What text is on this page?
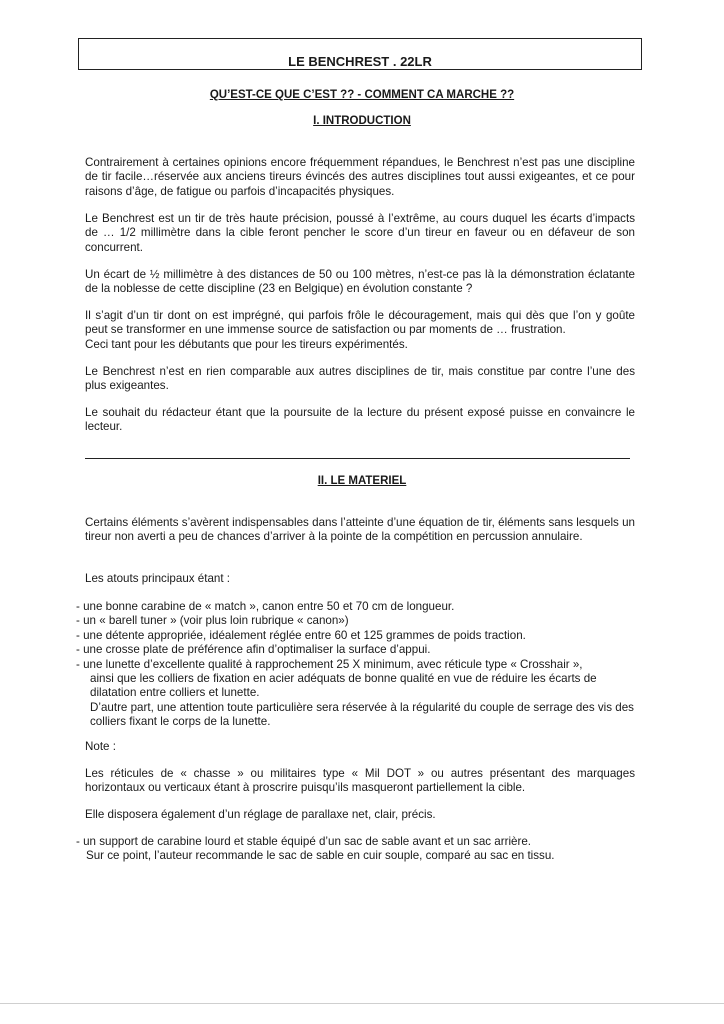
LE BENCHREST . 22LR
QU’EST-CE QUE C’EST ?? - COMMENT CA MARCHE ??
I. INTRODUCTION

Contrairement à certaines opinions encore fréquemment répandues, le Benchrest n’est pas une discipline de tir facile…réservée aux anciens tireurs évincés des autres disciplines tout aussi exigeantes, et ce pour raisons d’âge, de fatigue ou parfois d’incapacités physiques.

Le Benchrest est un tir de très haute précision, poussé à l’extrême, au cours duquel les écarts d’impacts de … 1/2 millimètre dans la cible feront pencher le score d’un tireur en faveur ou en défaveur de son concurrent.

Un écart de ½ millimètre à des distances de 50 ou 100 mètres, n’est-ce pas là la démonstration éclatante de la noblesse de cette discipline (23 en Belgique) en évolution constante ?

Il s’agit d’un tir dont on est imprégné, qui parfois frôle le découragement, mais qui dès que l’on y goûte peut se transformer en une immense source de satisfaction ou par moments de … frustration.

Ceci tant pour les débutants que pour les tireurs expérimentés.

Le Benchrest n’est en rien comparable aux autres disciplines de tir, mais constitue par contre l’une des plus exigeantes.

Le souhait du rédacteur étant que la poursuite de la lecture du présent exposé puisse en convaincre le lecteur.

II. LE MATERIEL

Certains éléments s’avèrent indispensables dans l’atteinte d’une équation de tir, éléments sans lesquels un tireur non averti a peu de chances d’arriver à la pointe de la compétition en percussion annulaire.

Les atouts principaux étant :

- une bonne carabine de « match », canon entre 50 et 70 cm de longueur.
- un « barell tuner » (voir plus loin rubrique « canon»)
- une détente appropriée, idéalement réglée entre 60 et 125 grammes de poids traction.
- une crosse plate de préférence afin d’optimaliser la surface d’appui.
- une lunette d’excellente qualité à rapprochement 25 X minimum, avec réticule type « Crosshair »,
ainsi que les colliers de fixation en acier adéquats de bonne qualité en vue de réduire les écarts de dilatation entre colliers et lunette.
D’autre part, une attention toute particulière sera réservée à la régularité du couple de serrage des vis des colliers fixant le corps de la lunette.

Note :

Les réticules de « chasse » ou militaires type « Mil DOT » ou autres présentant des marquages horizontaux ou verticaux étant à proscrire puisqu’ils masqueront partiellement la cible.

Elle disposera également d’un réglage de parallaxe net, clair, précis.

- un support de carabine lourd et stable équipé d’un sac de sable avant et un sac arrière.
Sur ce point, l’auteur recommande le sac de sable en cuir souple, comparé au sac en tissu.
